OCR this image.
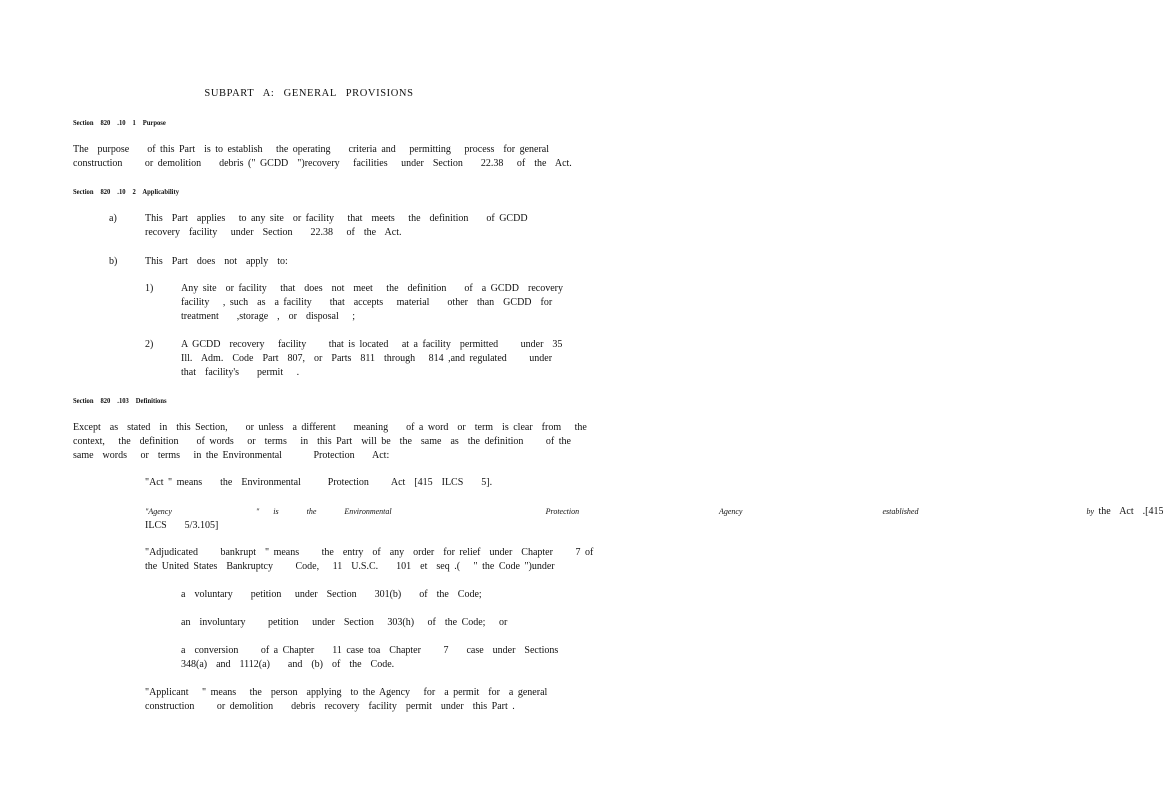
SUBPART A: GENERAL PROVISIONS
Section 820 .10 1 Purpose
The  purpose    of this Part  is to establish   the operating    criteria and   permitting   process  for general
construction     or demolition    debris (" GCDD  ")recovery   facilities   under  Section    22.38   of  the  Act.
Section 820 .10 2 Applicability
a)	This  Part  applies   to any site  or facility   that  meets   the  definition    of GCDD
recovery  facility   under  Section    22.38   of  the  Act.
b)	This  Part  does  not  apply  to:
1)	Any site  or facility   that  does  not  meet   the  definition    of  a GCDD  recovery
facility   , such  as  a facility    that  accepts   material    other  than  GCDD  for
treatment    ,storage  ,  or  disposal   ;
2)	A GCDD  recovery   facility     that is located   at a facility  permitted     under  35
Ill.  Adm.  Code  Part  807,  or  Parts  811  through   814 ,and regulated     under
that  facility's    permit   .
Section 820 .103 Definitions
Except  as  stated  in  this Section,    or unless  a different    meaning    of a word  or  term  is clear  from   the
context,   the  definition    of words   or  terms   in  this Part  will be  the  same  as  the definition     of the
same  words   or  terms   in the Environmental       Protection    Act:
"Act " means    the  Environmental      Protection     Act  [415  ILCS    5].
"Agency      " is  the  Environmental           Protection          Agency          established            by the  Act  .[415
ILCS    5/3.105]
"Adjudicated     bankrupt  " means     the  entry  of  any  order  for relief  under  Chapter     7 of
the United States  Bankruptcy     Code,   11  U.S.C.    101  et  seq .(   " the Code ")under
a  voluntary    petition   under  Section    301(b)    of  the  Code;
an  involuntary     petition   under  Section   303(h)   of  the Code;   or
a  conversion     of a Chapter    11 case toa  Chapter     7    case  under  Sections
348(a)  and  1112(a)    and  (b)  of  the  Code.
"Applicant   " means   the  person  applying  to the Agency   for  a permit  for  a general
construction     or demolition    debris  recovery  facility  permit  under  this Part .
